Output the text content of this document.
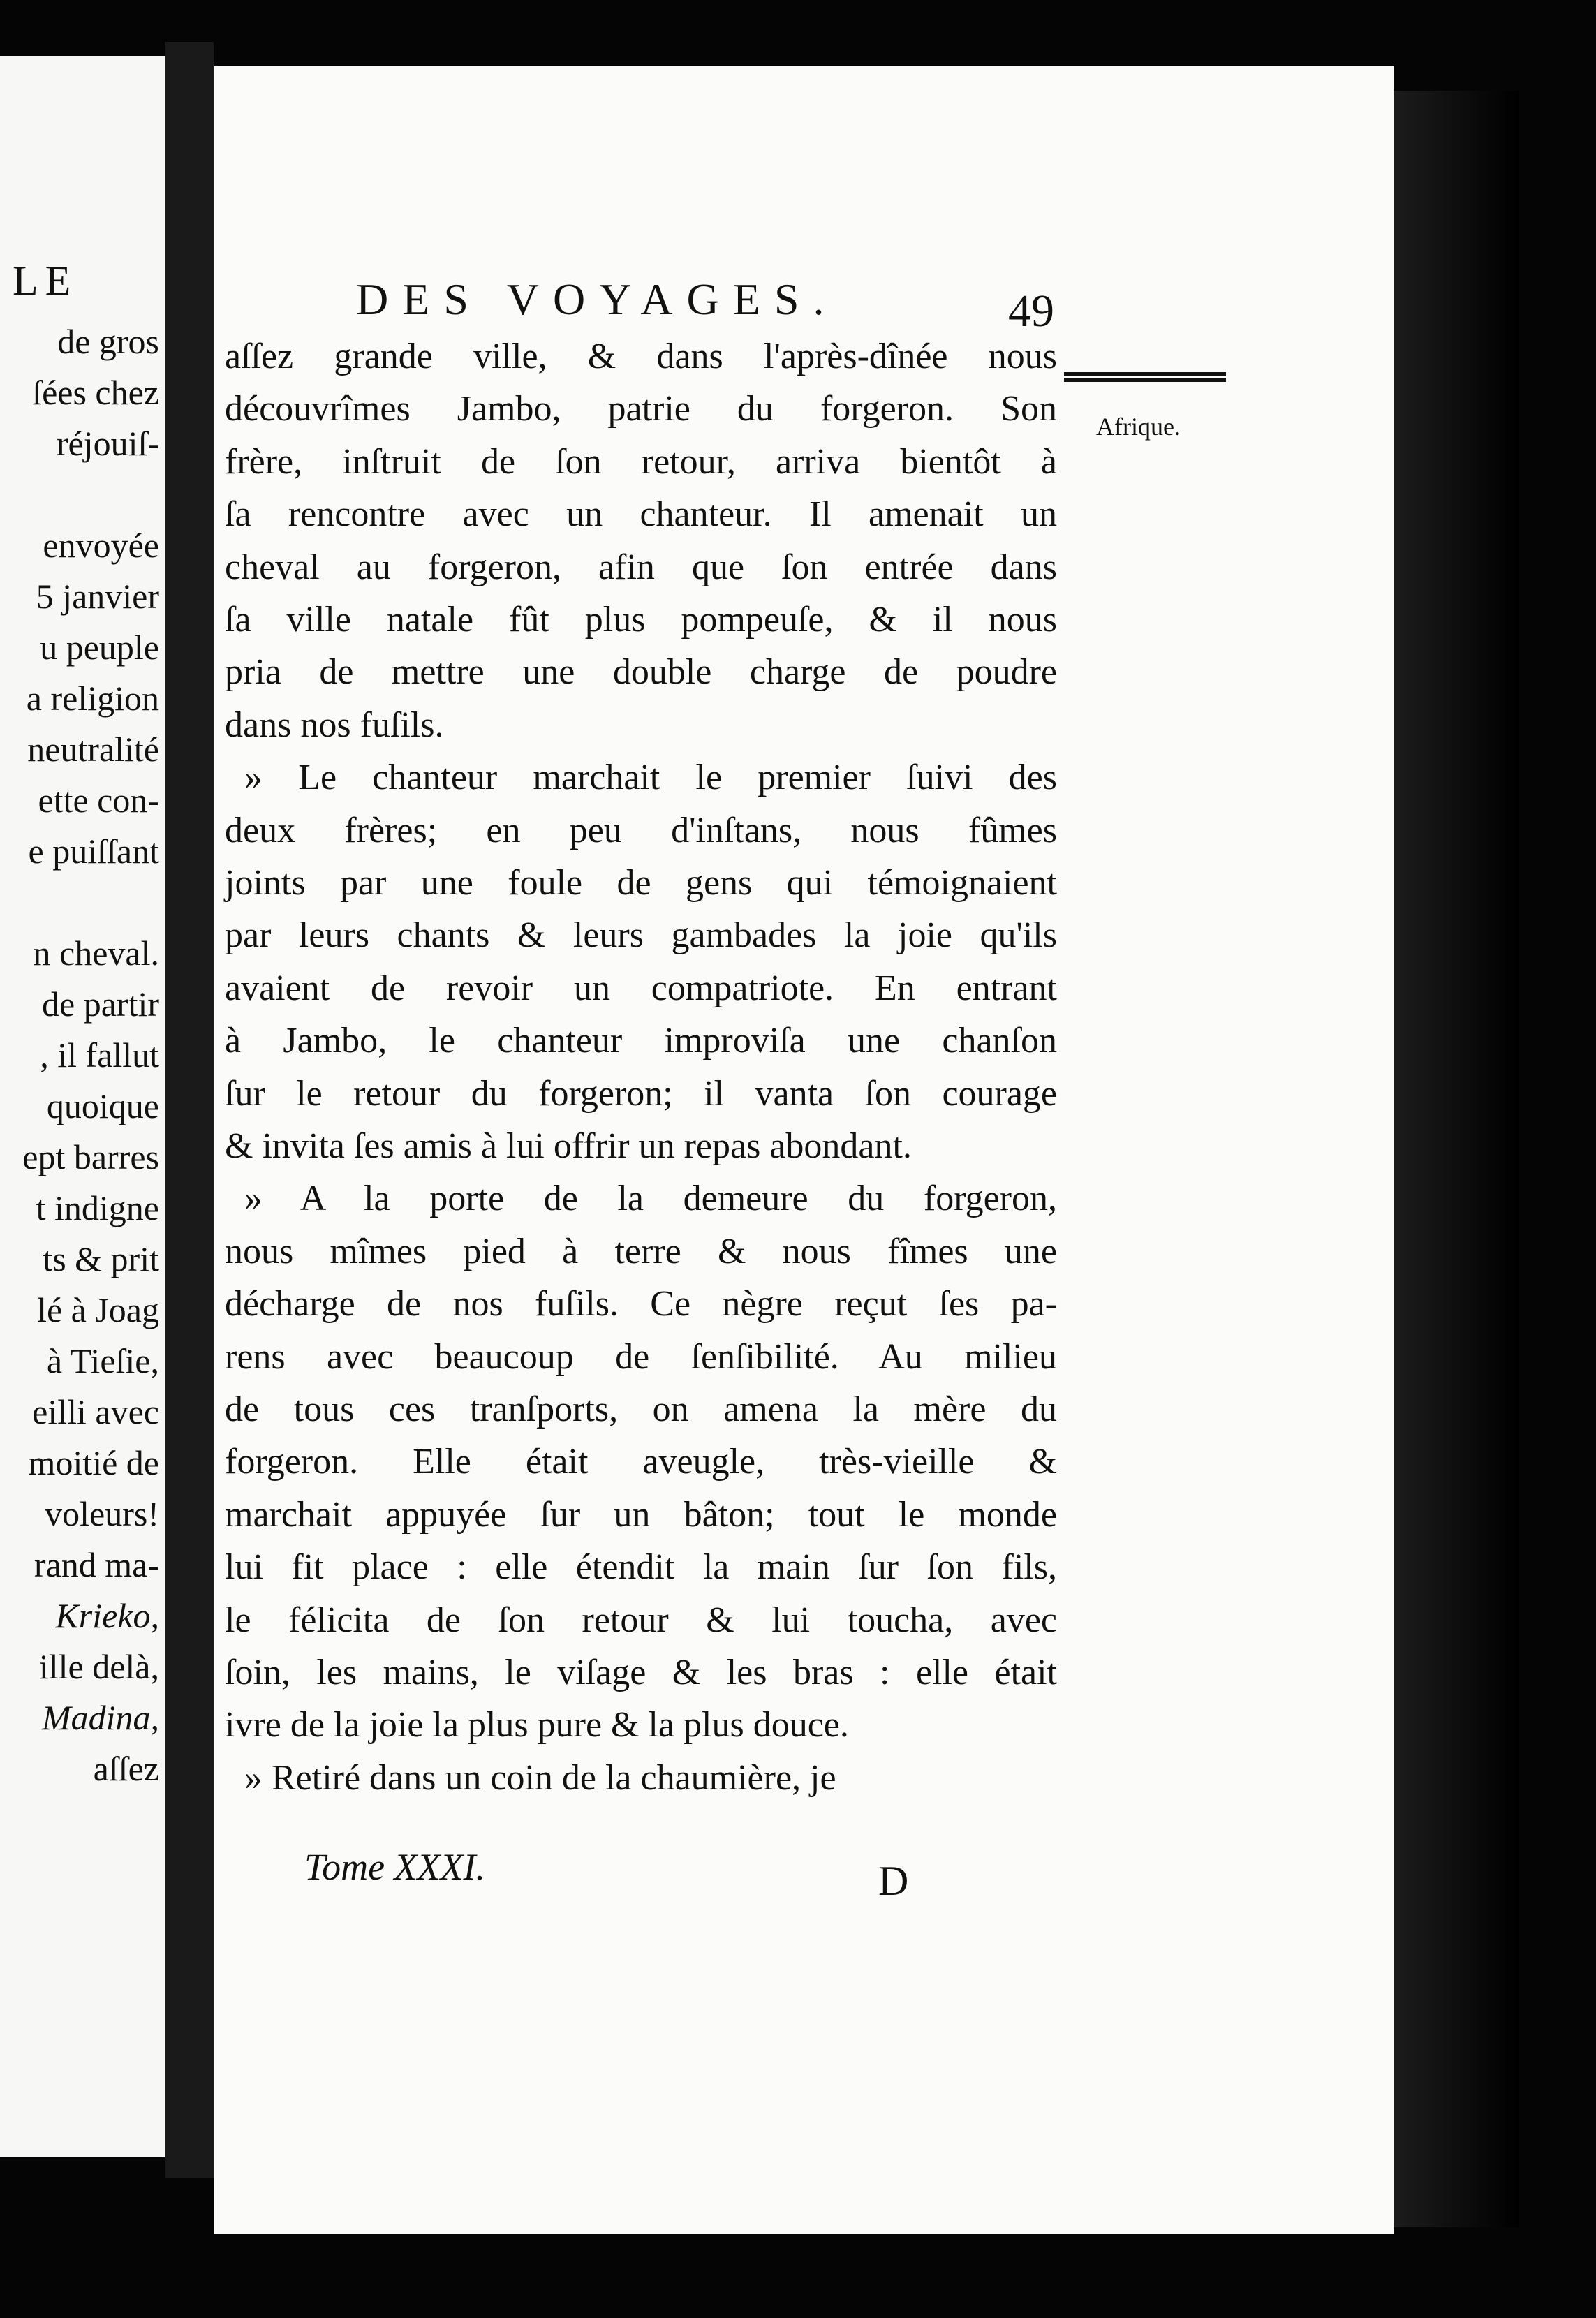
LE
de gros
ſées chez
réjouiſ-
envoyée
5 janvier
u peuple
a religion
neutralité
ette con-
e puiſſant
n cheval.
de partir
, il fallut
quoique
ept barres
t indigne
ts & prit
lé à Joag
à Tieſie,
eilli avec
moitié de
voleurs!
rand ma-
Krieko,
ille delà,
Madina,
aſſez
DES VOYAGES.	49
Afrique.
aſſez grande ville, & dans l'après-dînée nous
découvrîmes Jambo, patrie du forgeron. Son
frère, inſtruit de ſon retour, arriva bientôt à
ſa rencontre avec un chanteur. Il amenait un
cheval au forgeron, afin que ſon entrée dans
ſa ville natale fût plus pompeuſe, & il nous
pria de mettre une double charge de poudre
dans nos fuſils.
» Le chanteur marchait le premier ſuivi des
deux frères; en peu d'inſtans, nous fûmes
joints par une foule de gens qui témoignaient
par leurs chants & leurs gambades la joie qu'ils
avaient de revoir un compatriote. En entrant
à Jambo, le chanteur improviſa une chanſon
ſur le retour du forgeron; il vanta ſon courage
& invita ſes amis à lui offrir un repas abondant.
» A la porte de la demeure du forgeron,
nous mîmes pied à terre & nous fîmes une
décharge de nos fuſils. Ce nègre reçut ſes pa-
rens avec beaucoup de ſenſibilité. Au milieu
de tous ces tranſports, on amena la mère du
forgeron. Elle était aveugle, très-vieille &
marchait appuyée ſur un bâton; tout le monde
lui fit place : elle étendit la main ſur ſon fils,
le félicita de ſon retour & lui toucha, avec
ſoin, les mains, le viſage & les bras : elle était
ivre de la joie la plus pure & la plus douce.
» Retiré dans un coin de la chaumière, je
Tome XXXI.	D
